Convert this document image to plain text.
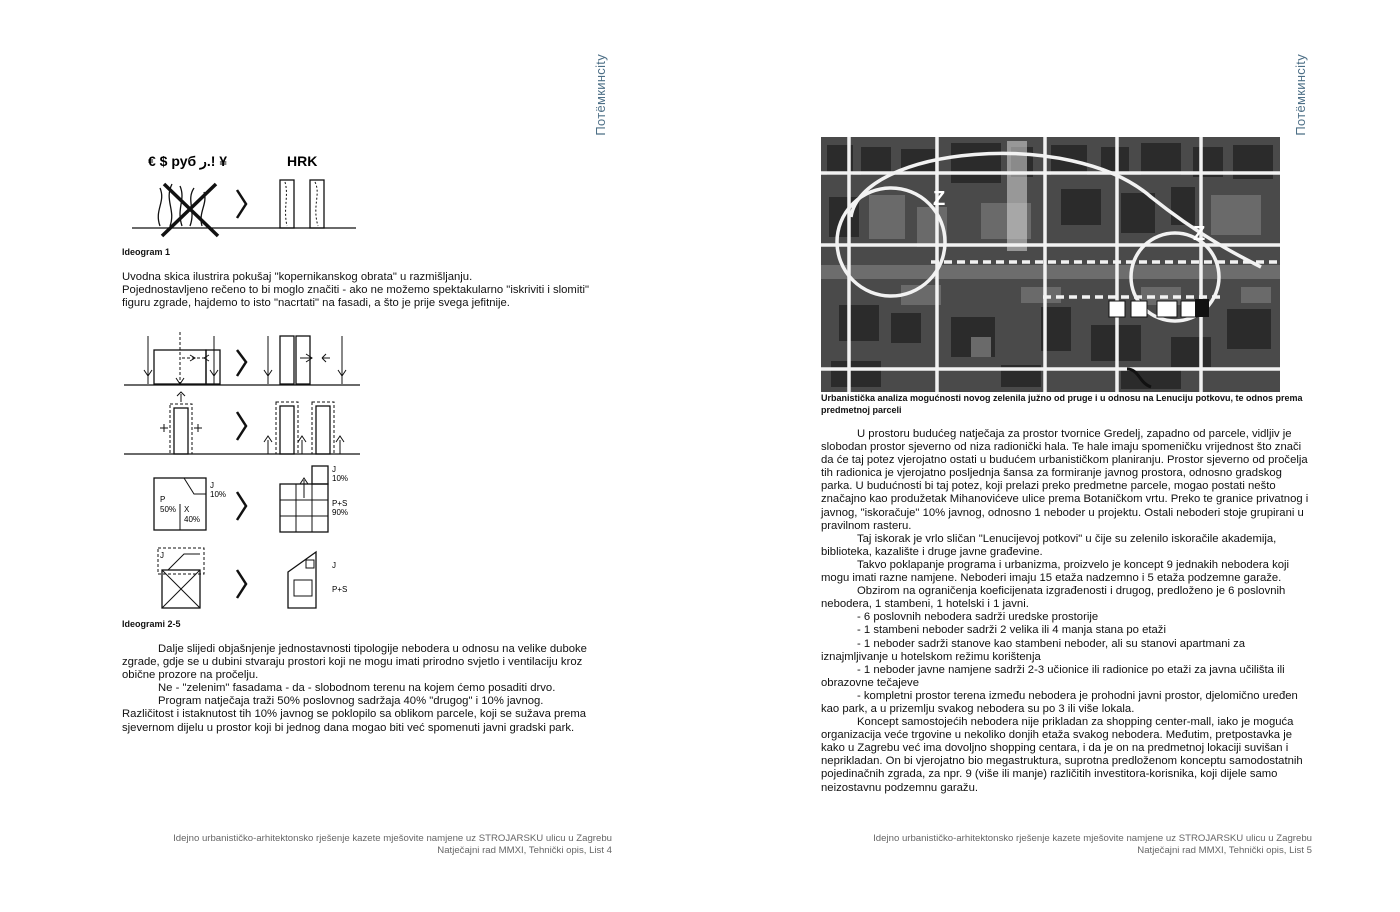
Потёмкинcity
€ $ руб ر.! ¥	HRK
Ideogram 1

Uvodna skica ilustrira pokušaj "kopernikanskog obrata" u razmišljanju.

Pojednostavljeno rečeno to bi moglo značiti - ako ne možemo spektakularno "iskriviti i slomiti" figuru zgrade, hajdemo to isto "nacrtati" na fasadi, a što je prije svega jefitnije.

P
50% X
40%
J
10%
J
10%
P+S
90%
J
J
P+S
Ideogrami 2-5

Dalje slijedi objašnjenje jednostavnosti tipologije nebodera u odnosu na velike duboke zgrade, gdje se u dubini stvaraju prostori koji ne mogu imati prirodno svjetlo i ventilaciju kroz obične prozore na pročelju.

Ne - "zelenim" fasadama - da - slobodnom terenu na kojem ćemo posaditi drvo.

Program natječaja traži 50% poslovnog sadržaja 40% "drugog" i 10% javnog.

Različitost i istaknutost tih 10% javnog se poklopilo sa oblikom parcele, koji se sužava prema sjevernom dijelu u prostor koji bi jednog dana mogao biti već spomenuti javni gradski park.

Idejno urbanističko-arhitektonsko rješenje kazete mješovite namjene uz STROJARSKU ulicu u Zagrebu
Natječajni rad MMXI, Tehnički opis, List 4
Потёмкинcity
Z
Z
Urbanistička analiza mogućnosti novog zelenila južno od pruge i u odnosu na Lenuciju potkovu, te odnos prema predmetnoj parceli

U prostoru budućeg natječaja za prostor tvornice Gredelj, zapadno od parcele, vidljiv je slobodan prostor sjeverno od niza radionički hala. Te hale imaju spomeničku vrijednost što znači da će taj potez vjerojatno ostati u budućem urbanističkom planiranju. Prostor sjeverno od pročelja tih radionica je vjerojatno posljednja šansa za formiranje javnog prostora, odnosno gradskog parka. U budućnosti bi taj potez, koji prelazi preko predmetne parcele, mogao postati nešto značajno kao produžetak Mihanovićeve ulice prema Botaničkom vrtu. Preko te granice privatnog i javnog, "iskoračuje" 10% javnog, odnosno 1 neboder u projektu. Ostali neboderi stoje grupirani u pravilnom rasteru.

Taj iskorak je vrlo sličan "Lenucijevoj potkovi" u čije su zelenilo iskoračile akademija, biblioteka, kazalište i druge javne građevine.

Takvo poklapanje programa i urbanizma, proizvelo je koncept 9 jednakih nebodera koji mogu imati razne namjene. Neboderi imaju 15 etaža nadzemno i 5 etaža podzemne garaže.

Obzirom na ograničenja koeficijenata izgrađenosti i drugog, predloženo je 6 poslovnih nebodera, 1 stambeni, 1 hotelski i 1 javni.

- 6 poslovnih nebodera sadrži uredske prostorije

- 1 stambeni neboder sadrži 2 velika ili 4 manja stana po etaži

- 1 neboder sadrži stanove kao stambeni neboder, ali su stanovi apartmani za iznajmljivanje u hotelskom režimu korištenja

- 1 neboder javne namjene sadrži 2-3 učionice ili radionice po etaži za javna učilišta ili obrazovne tečajeve

- kompletni prostor terena između nebodera je prohodni javni prostor, djelomično uređen kao park, a u prizemlju svakog nebodera su po 3 ili više lokala.

Koncept samostojećih nebodera nije prikladan za shopping center-mall, iako je moguća organizacija veće trgovine u nekoliko donjih etaža svakog nebodera. Međutim, pretpostavka je kako u Zagrebu već ima dovoljno shopping centara, i da je on na predmetnoj lokaciji suvišan i neprikladan. On bi vjerojatno bio megastruktura, suprotna predloženom konceptu samodostatnih pojedinačnih zgrada, za npr. 9 (više ili manje) različitih investitora-korisnika, koji dijele samo neizostavnu podzemnu garažu.

Idejno urbanističko-arhitektonsko rješenje kazete mješovite namjene uz STROJARSKU ulicu u Zagrebu
Natječajni rad MMXI, Tehnički opis, List 5
